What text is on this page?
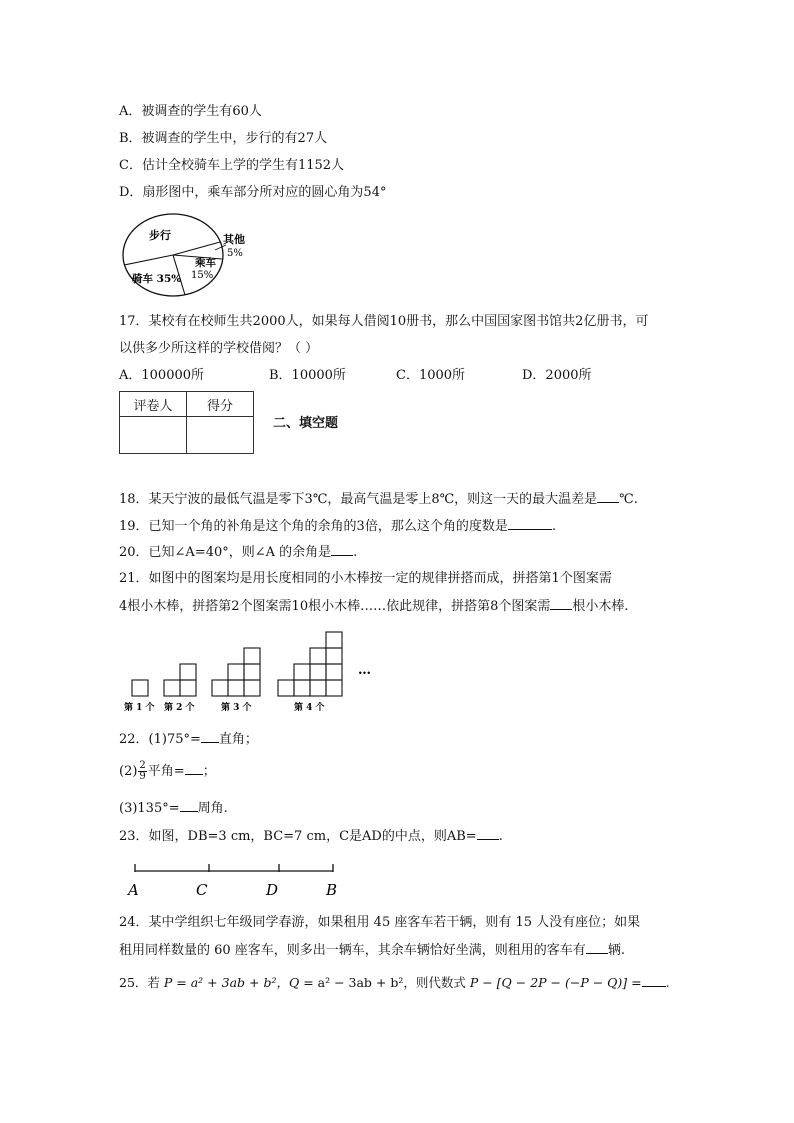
A．被调查的学生有60人
B．被调查的学生中，步行的有27人
C．估计全校骑车上学的学生有1152人
D．扇形图中，乘车部分所对应的圆心角为54°
步行	其他
5%
乘车
15%
骑车 35%
17．某校有在校师生共2000人，如果每人借阅10册书，那么中国国家图书馆共2亿册书，可
以供多少所这样的学校借阅？（ ）
A．100000所	B．10000所	C．1000所	D．2000所
评卷人	得分

二、填空题
18．某天宁波的最低气温是零下3℃，最高气温是零上8℃，则这一天的最大温差是 ℃.
19．已知一个角的补角是这个角的余角的3倍，那么这个角的度数是	.
20．已知∠A=40°，则∠A 的余角是 .
21．如图中的图案均是用长度相同的小木棒按一定的规律拼搭而成，拼搭第1个图案需
4根小木棒，拼搭第2个图案需10根小木棒……依此规律，拼搭第8个图案需 根小木棒.
…
第 1 个 第 2 个	第 3 个	第 4 个
22．(1)75°= 直角；
$(2) \frac{2}{9}$ 平角= ；
(3)135°= 周角.
23．如图，DB=3 cm，BC=7 cm，C是AD的中点，则AB= .
A	C	D	B
24．某中学组织七年级同学春游，如果租用 45 座客车若干辆，则有 15 人没有座位；如果
租用同样数量的 60 座客车，则多出一辆车，其余车辆恰好坐满，则租用的客车有 辆.
25．若 P = a² + 3ab + b²，Q = a² − 3ab + b²，则代数式 P − [Q − 2P − (−P − Q)] = .
